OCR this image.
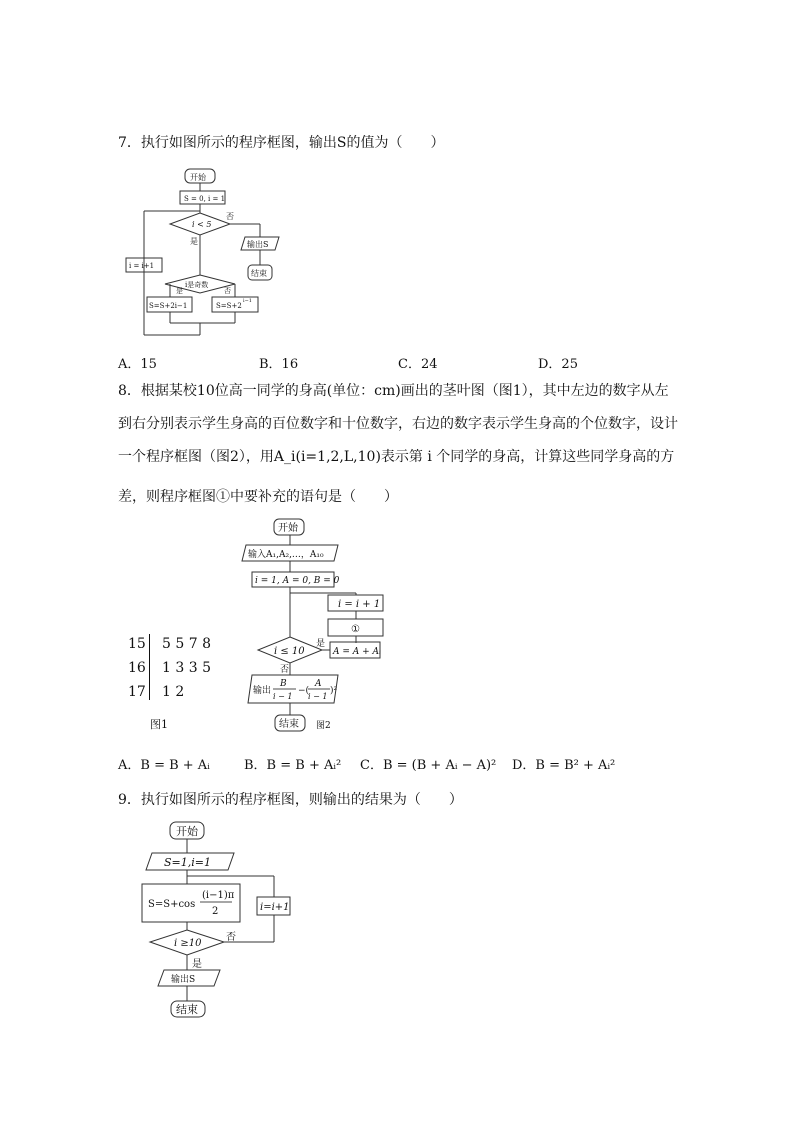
7．执行如图所示的程序框图，输出S的值为（　　）
开始
S = 0, i = 1
i < 5
否
是	输出S
结束
i = i+1
i是奇数
是	否
S=S+2i−1	S=S+2
i−1
A．15	B．16	C．24	D．25
8．根据某校10位高一同学的身高(单位：cm)画出的茎叶图（图1），其中左边的数字从左
到右分别表示学生身高的百位数字和十位数字，右边的数字表示学生身高的个位数字，设计
一个程序框图（图2），用A_i(i=1,2,L,10)表示第 i 个同学的身高，计算这些同学身高的方
差，则程序框图①中要补充的语句是（　　）
15 5 5 7 8
16 1 3 3 5
17 1 2
图1
开始
输入A₁,A₂,…，A₁₀
i = 1, A = 0, B = 0
i = i + 1
①
i ≤ 10
是
否
A = A + Aᵢ
输出
B
i − 1
−(
A
i − 1
)²
结束 图2
A．B = B + Aᵢ	B．B = B + Aᵢ² C．B = (B + Aᵢ − A)² D．B = B² + Aᵢ²
9．执行如图所示的程序框图，则输出的结果为（　　）
开始
S=1,i=1
S=S+cos
(i−1)π
2	i=i+1
i ≥10
否
是
输出S
结束
